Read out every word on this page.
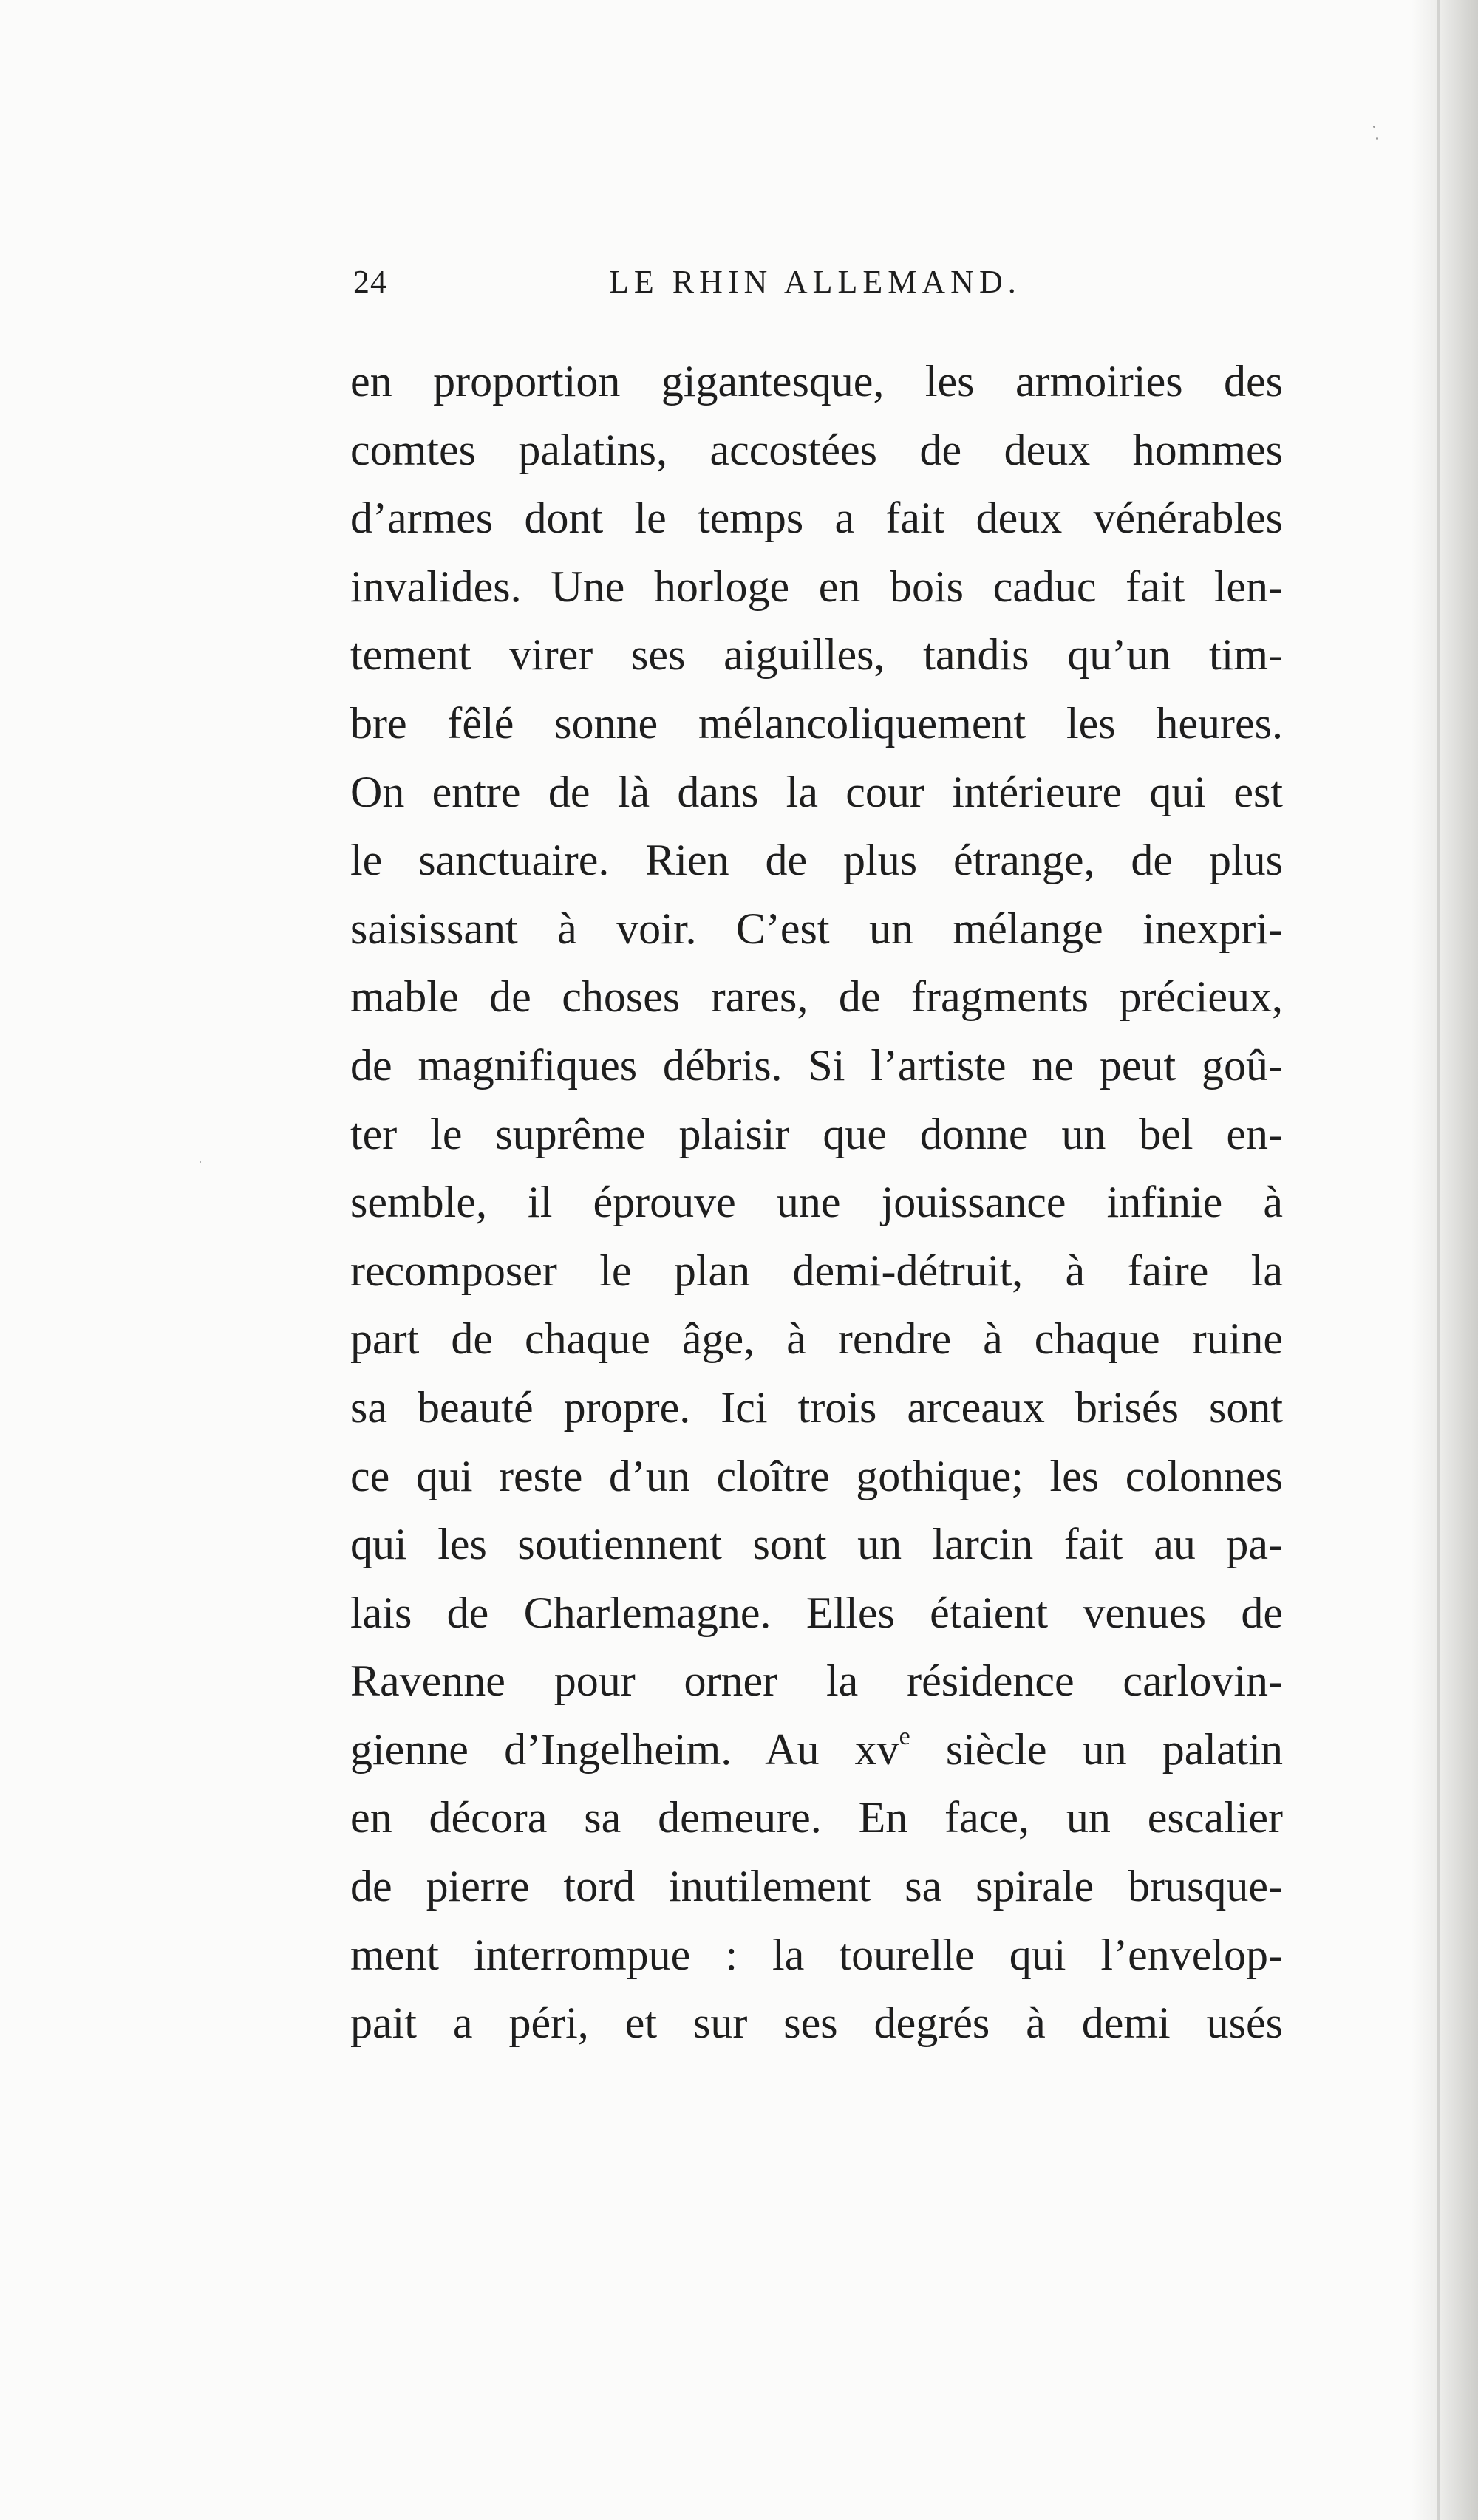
24	LE RHIN ALLEMAND.
en proportion gigantesque, les armoiries des
comtes palatins, accostées de deux hommes
d’armes dont le temps a fait deux vénérables
invalides. Une horloge en bois caduc fait len-
tement virer ses aiguilles, tandis qu’un tim-
bre fêlé sonne mélancoliquement les heures.
On entre de là dans la cour intérieure qui est
le sanctuaire. Rien de plus étrange, de plus
saisissant à voir. C’est un mélange inexpri-
mable de choses rares, de fragments précieux,
de magnifiques débris. Si l’artiste ne peut goû-
ter le suprême plaisir que donne un bel en-
semble, il éprouve une jouissance infinie à
recomposer le plan demi-détruit, à faire la
part de chaque âge, à rendre à chaque ruine
sa beauté propre. Ici trois arceaux brisés sont
ce qui reste d’un cloître gothique; les colonnes
qui les soutiennent sont un larcin fait au pa-
lais de Charlemagne. Elles étaient venues de
Ravenne pour orner la résidence carlovin-
gienne d’Ingelheim. Au $xv^e$ siècle un palatin
en décora sa demeure. En face, un escalier
de pierre tord inutilement sa spirale brusque-
ment interrompue : la tourelle qui l’envelop-
pait a péri, et sur ses degrés à demi usés
